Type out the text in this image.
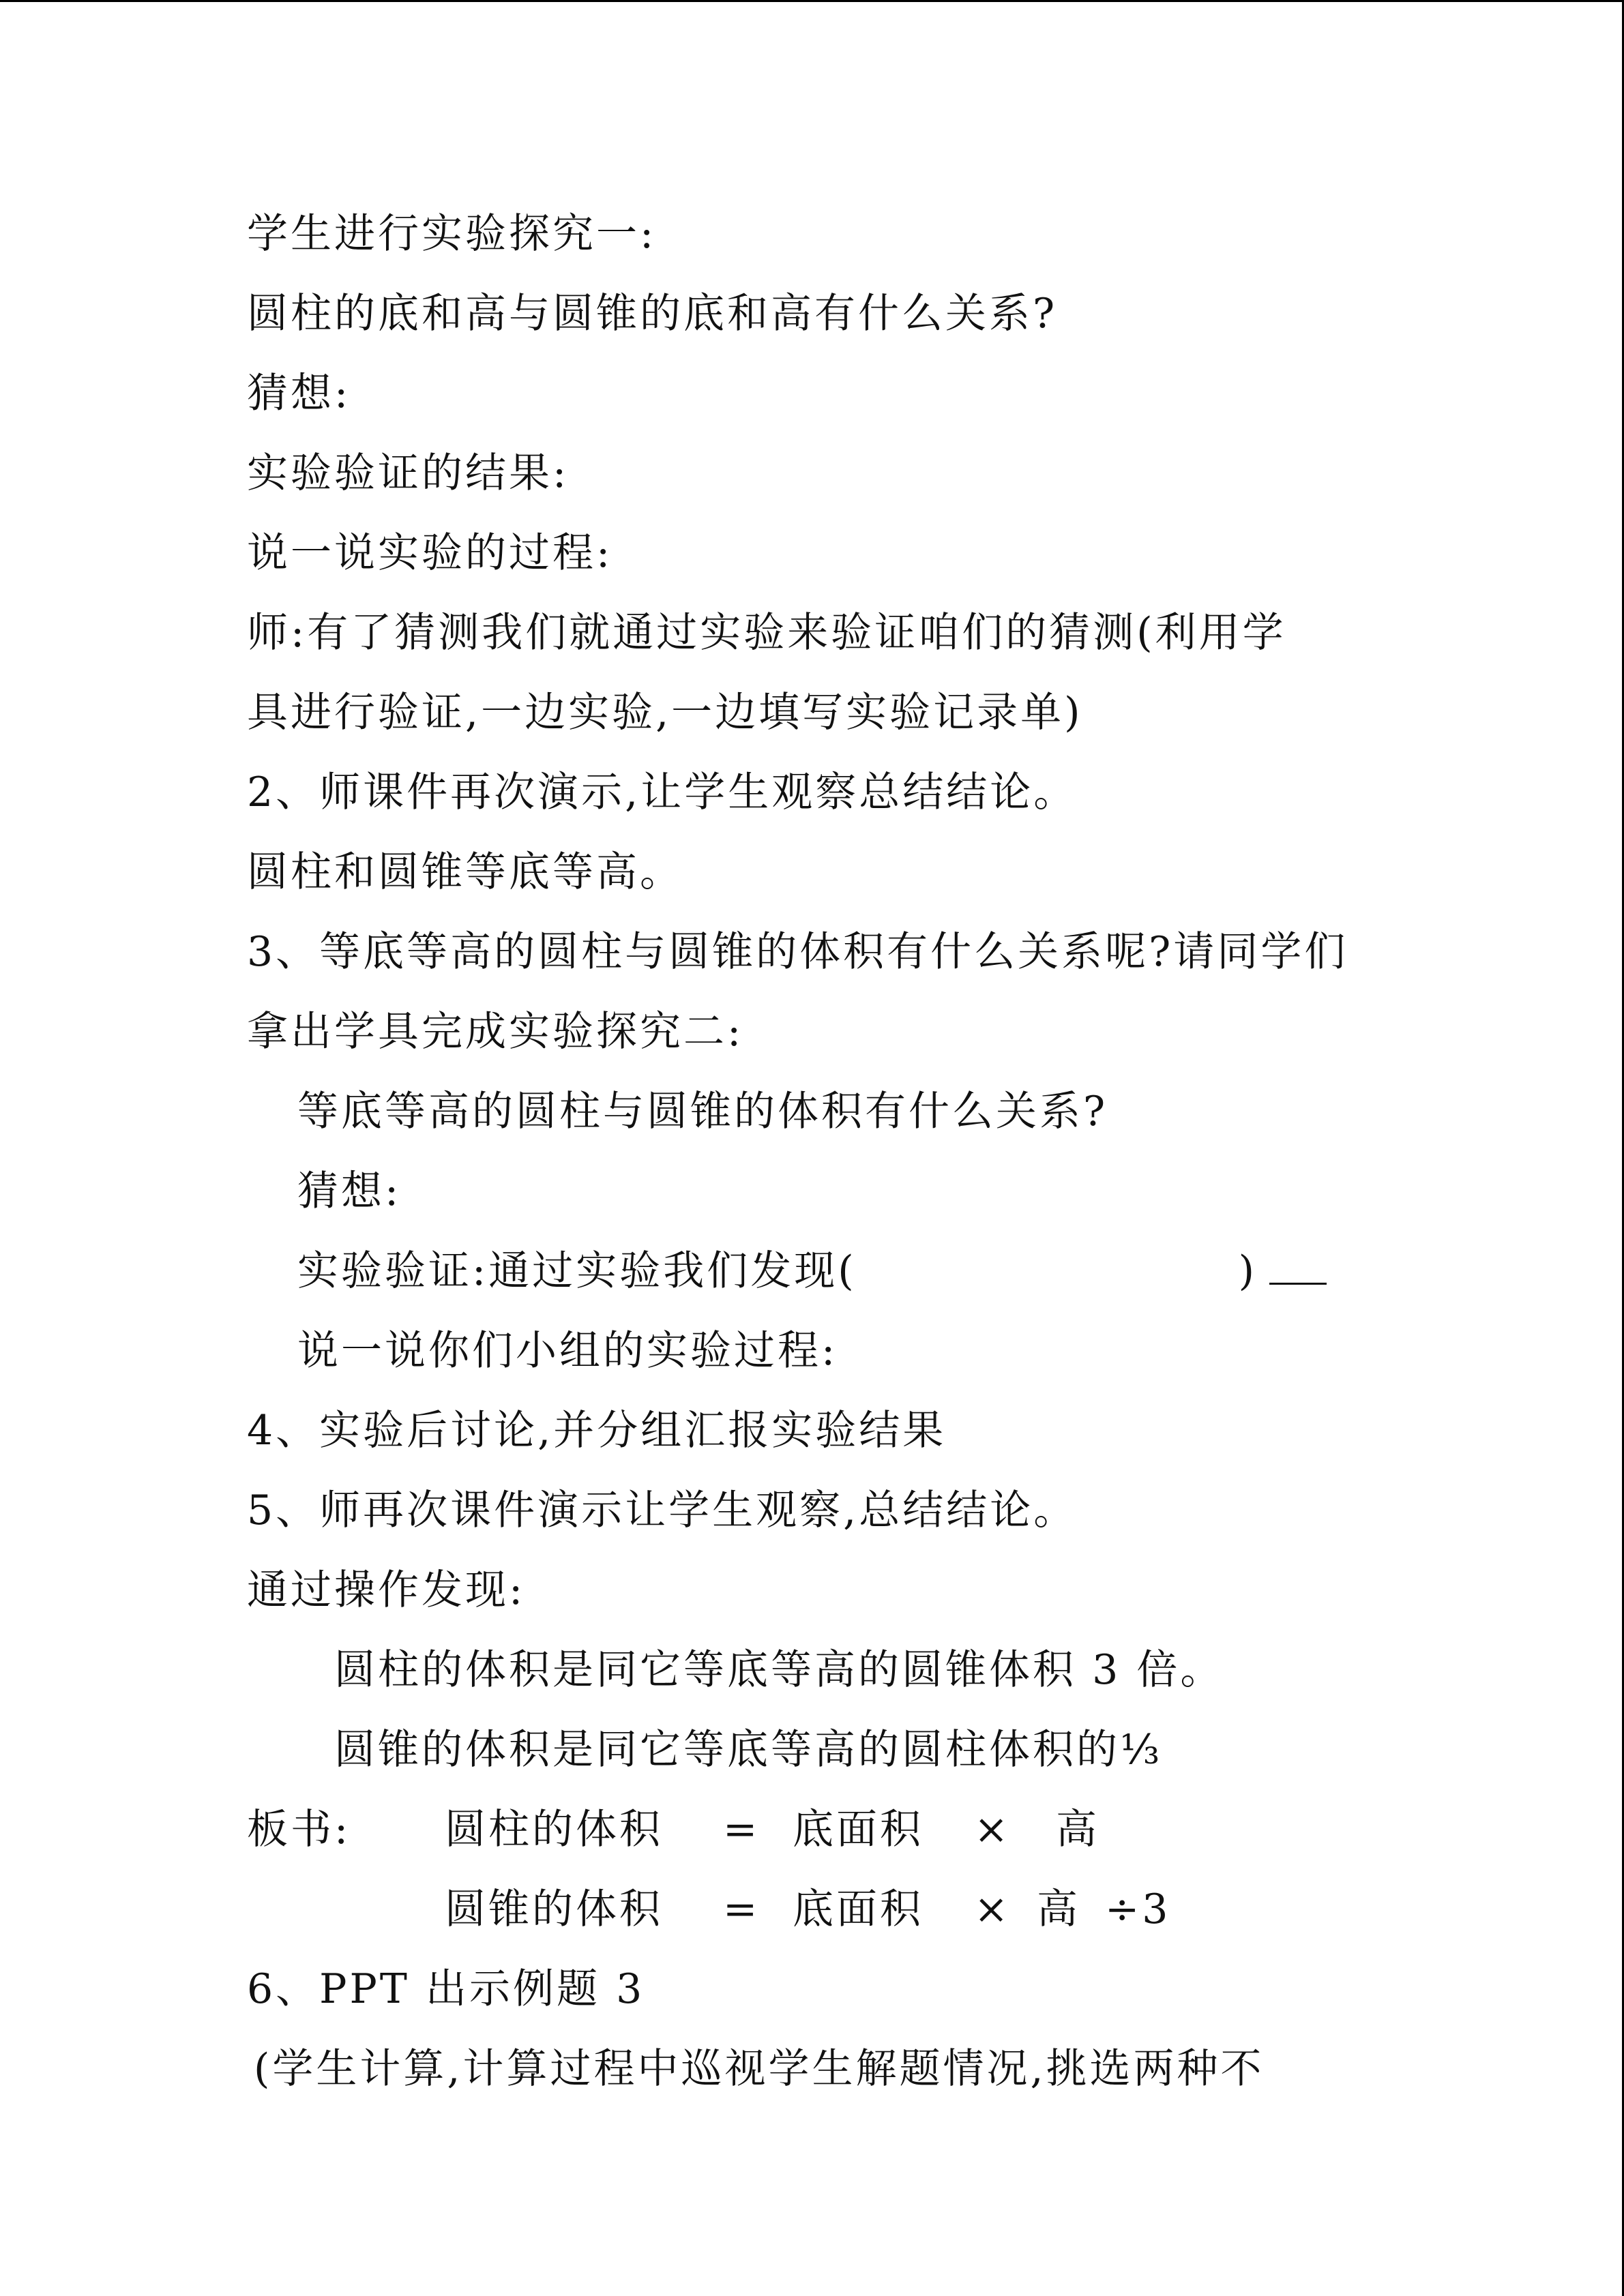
学生进行实验探究一:
圆柱的底和高与圆锥的底和高有什么关系?
猜想:
实验验证的结果:
说一说实验的过程:
师:有了猜测我们就通过实验来验证咱们的猜测(利用学
具进行验证,一边实验,一边填写实验记录单)
2、师课件再次演示,让学生观察总结结论。
圆柱和圆锥等底等高。
3、等底等高的圆柱与圆锥的体积有什么关系呢?请同学们
拿出学具完成实验探究二:
等底等高的圆柱与圆锥的体积有什么关系?
猜想:
实验验证:通过实验我们发现(	)
说一说你们小组的实验过程:
4、实验后讨论,并分组汇报实验结果
5、师再次课件演示让学生观察,总结结论。
通过操作发现:
圆柱的体积是同它等底等高的圆锥体积 3 倍。
圆锥的体积是同它等底等高的圆柱体积的⅓
板书: 圆柱的体积 = 底面积 × 高
圆锥的体积 = 底面积 × 高 ÷3
6、PPT 出示例题 3
(学生计算,计算过程中巡视学生解题情况,挑选两种不
